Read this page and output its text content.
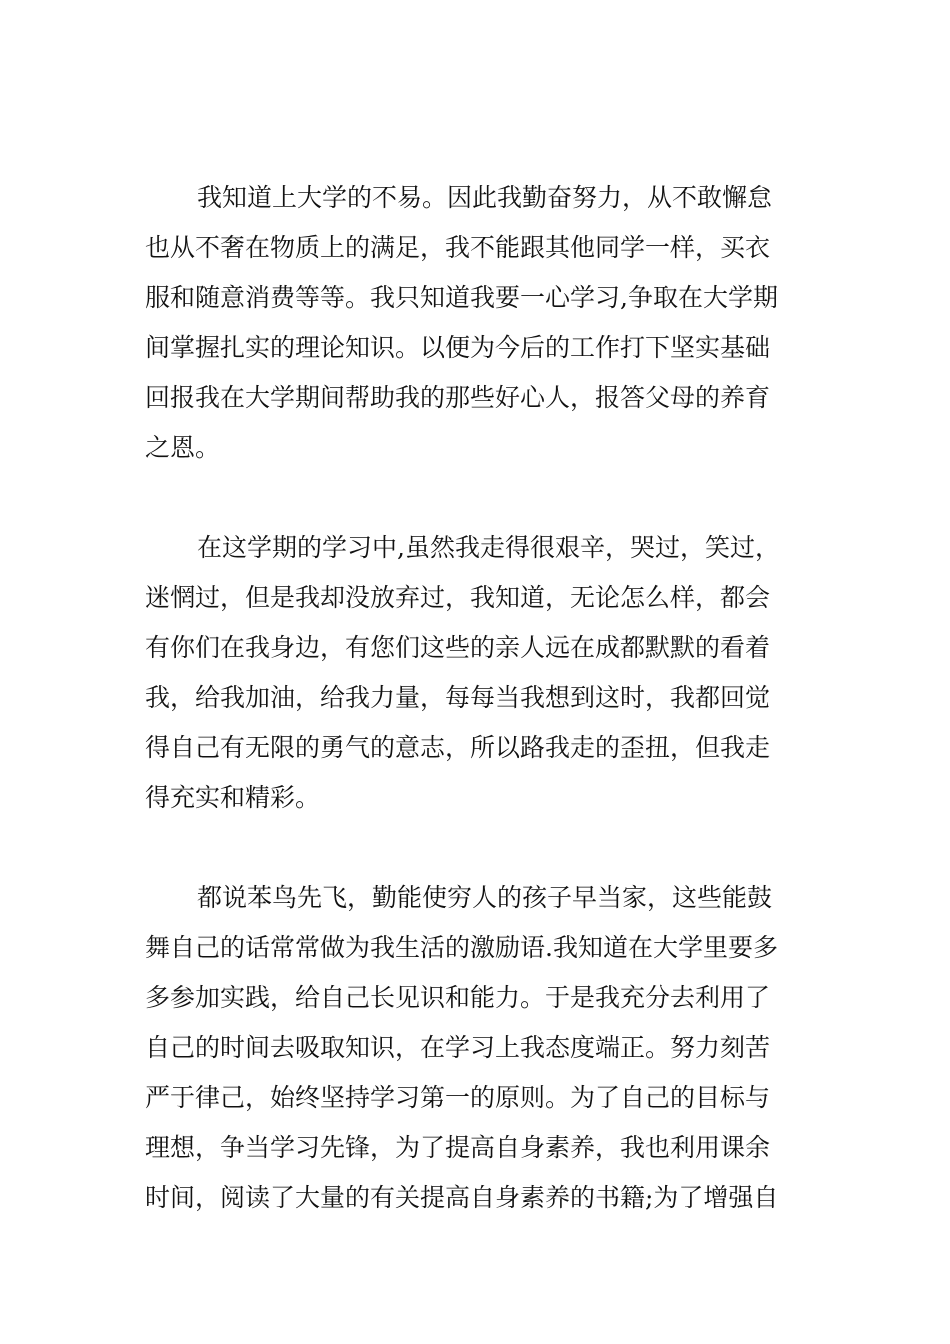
我知道上大学的不易。因此我勤奋努力，从不敢懈怠
也从不奢在物质上的满足，我不能跟其他同学一样，买衣
服和随意消费等等。我只知道我要一心学习,争取在大学期
间掌握扎实的理论知识。以便为今后的工作打下坚实基础
回报我在大学期间帮助我的那些好心人，报答父母的养育
之恩。
在这学期的学习中,虽然我走得很艰辛，哭过，笑过，
迷惘过，但是我却没放弃过，我知道，无论怎么样，都会
有你们在我身边，有您们这些的亲人远在成都默默的看着
我，给我加油，给我力量，每每当我想到这时，我都回觉
得自己有无限的勇气的意志，所以路我走的歪扭，但我走
得充实和精彩。
都说苯鸟先飞，勤能使穷人的孩子早当家，这些能鼓
舞自己的话常常做为我生活的激励语.我知道在大学里要多
多参加实践，给自己长见识和能力。于是我充分去利用了
自己的时间去吸取知识，在学习上我态度端正。努力刻苦
严于律己，始终坚持学习第一的原则。为了自己的目标与
理想，争当学习先锋，为了提高自身素养，我也利用课余
时间，阅读了大量的有关提高自身素养的书籍;为了增强自
